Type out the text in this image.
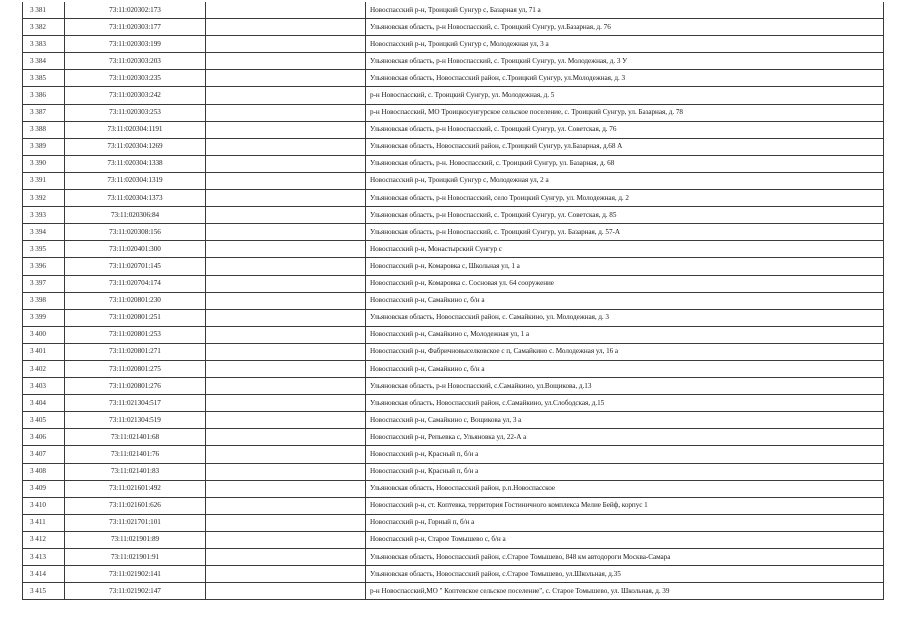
3 381	73:11:020302:173		Новоспасский р-н, Троицкий Сунгур с, Базарная ул, 71 а
3 382	73:11:020303:177		Ульяновская область, р-н Новоспасский, с. Троицкий Сунгур, ул.Базарная, д. 76
3 383	73:11:020303:199		Новоспасский р-н, Троицкий Сунгур с, Молодежная ул, 3 а
3 384	73:11:020303:203		Ульяновская область, р-н Новоспасский, с. Троицкий Сунгур, ул. Молодежная, д. 3 У
3 385	73:11:020303:235		Ульяновская область, Новоспасский район, с.Троицкий Сунгур, ул.Молодежная, д. 3
3 386	73:11:020303:242		р-н Новоспасский, с. Троицкий Сунгур, ул. Молодежная, д. 5
3 387	73:11:020303:253		р-н Новоспасский, МО Троицкосунгурское сельское поселение, с. Троицкий Сунгур, ул. Базарная, д. 78
3 388	73:11:020304:1191		Ульяновская область, р-н Новоспасский, с. Троицкий Сунгур, ул. Советская, д. 76
3 389	73:11:020304:1269		Ульяновская область, Новоспасский район, с.Троицкий Сунгур, ул.Базарная, д.68 А
3 390	73:11:020304:1338		Ульяновская область, р-н. Новоспасский, с. Троицкий Сунгур, ул. Базарная, д. 68
3 391	73:11:020304:1319		Новоспасский р-н, Троицкий Сунгур с, Молодежная ул, 2 а
3 392	73:11:020304:1373		Ульяновская область, р-н Новоспасский, село Троицкий Сунгур, ул. Молодежная, д. 2
3 393	73:11:020306:84		Ульяновская область, р-н Новоспасский, с. Троицкий Сунгур, ул. Советская, д. 85
3 394	73:11:020308:156		Ульяновская область, р-н Новоспасский, с. Троицкий Сунгур, ул. Базарная, д. 57-А
3 395	73:11:020401:300		Новоспасский р-н, Монастырский Сунгур с
3 396	73:11:020701:145		Новоспасский р-н, Комаровка с, Школьная ул, 1 а
3 397	73:11:020704:174		Новоспасский р-н, Комаровка с. Сосновая ул. 64 сооружение
3 398	73:11:020801:230		Новоспасский р-н, Самайкино с, б/н а
3 399	73:11:020801:251		Ульяновская область, Новоспасский район, с. Самайкино, ул. Молодежная, д. 3
3 400	73:11:020801:253		Новоспасский р-н, Самайкино с, Молодежная ул, 1 а
3 401	73:11:020801:271		Новоспасский р-н, Фабричновыселковское с п, Самайкино с. Молодежная ул, 16 а
3 402	73:11:020801:275		Новоспасский р-н, Самайкино с, б/н а
3 403	73:11:020801:276		Ульяновская область, р-н Новоспасский, с.Самайкино, ул.Вощикова, д.13
3 404	73:11:021304:517		Ульяновская область, Новоспасский район, с.Самайкино, ул.Слободская, д.15
3 405	73:11:021304:519		Новоспасский р-н, Самайкино с, Вощикова ул, 3 а
3 406	73:11:021401:68		Новоспасский р-н, Репьевка с, Ульяновка ул, 22-А а
3 407	73:11:021401:76		Новоспасский р-н, Красный п, б/н а
3 408	73:11:021401:83		Новоспасский р-н, Красный п, б/н а
3 409	73:11:021601:492		Ульяновская область, Новоспасский район, р.п.Новоспасское
3 410	73:11:021601:626		Новоспасский р-н, ст. Коптевка, территория Гостиничного комплекса Мелие Бейф, корпус 1
3 411	73:11:021701:101		Новоспасский р-н, Горный п, б/н а
3 412	73:11:021901:89		Новоспасский р-н, Старое Томышево с, б/н а
3 413	73:11:021901:91		Ульяновская область, Новоспасский район, с.Старое Томышево, 848 км автодороги Москва-Самара
3 414	73:11:021902:141		Ульяновская область, Новоспасский район, с.Старое Томышево, ул.Школьная, д.35
3 415	73:11:021902:147		р-н Новоспасский,МО " Коптевское сельское поселение", с. Старое Томышево, ул. Школьная, д. 39
